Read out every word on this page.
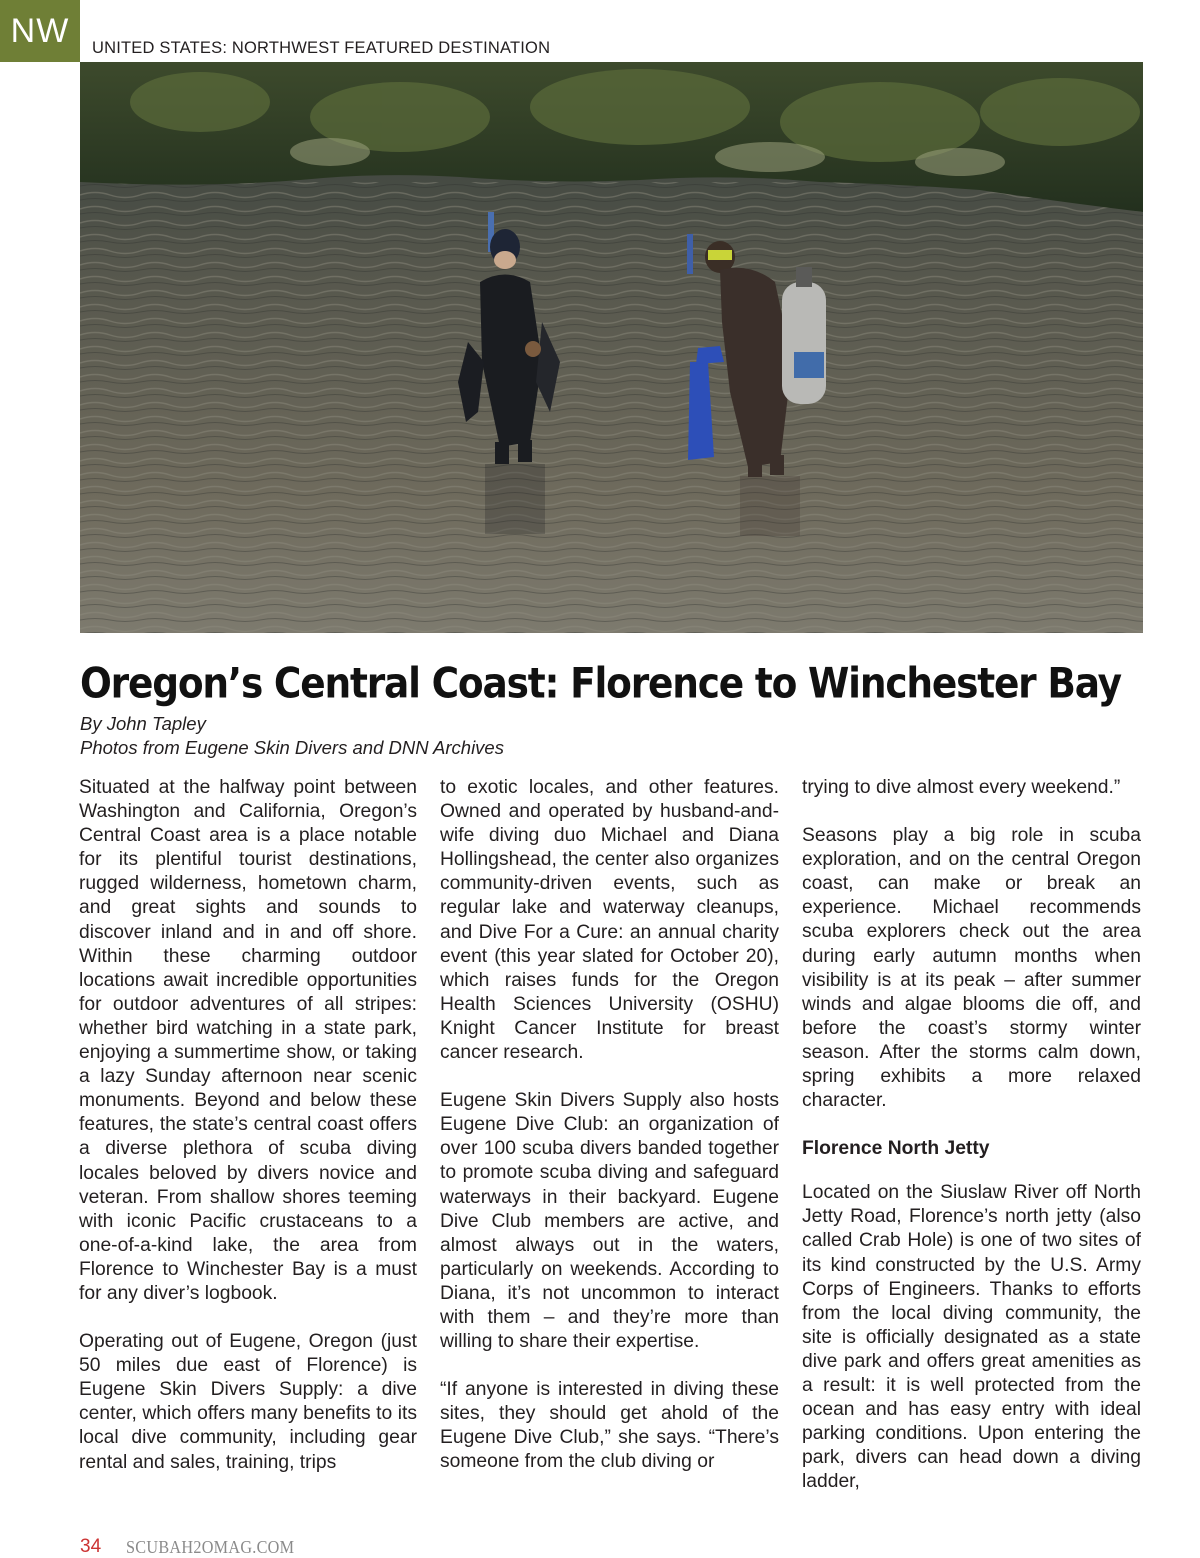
NW	UNITED STATES: NORTHWEST FEATURED DESTINATION
Oregon’s Central Coast: Florence to Winchester Bay
By John Tapley
Photos from Eugene Skin Divers and DNN Archives

Situated at the halfway point between Washington and California, Oregon’s Central Coast area is a place notable for its plentiful tourist destinations, rugged wilderness, hometown charm, and great sights and sounds to discover inland and in and off shore. Within these charming outdoor locations await incredible opportunities for outdoor adventures of all stripes: whether bird watching in a state park, enjoying a summertime show, or taking a lazy Sunday afternoon near scenic monuments. Beyond and below these features, the state’s central coast offers a diverse plethora of scuba diving locales beloved by divers novice and veteran. From shallow shores teeming with iconic Pacific crustaceans to a one-of-a-kind lake, the area from Florence to Winchester Bay is a must for any diver’s logbook.

Operating out of Eugene, Oregon (just 50 miles due east of Florence) is Eugene Skin Divers Supply: a dive center, which offers many benefits to its local dive community, including gear rental and sales, training, trips

to exotic locales, and other features. Owned and operated by husband-and-wife diving duo Michael and Diana Hollingshead, the center also organizes community-driven events, such as regular lake and waterway cleanups, and Dive For a Cure: an annual charity event (this year slated for October 20), which raises funds for the Oregon Health Sciences University (OSHU) Knight Cancer Institute for breast cancer research.

Eugene Skin Divers Supply also hosts Eugene Dive Club: an organization of over 100 scuba divers banded together to promote scuba diving and safeguard waterways in their backyard. Eugene Dive Club members are active, and almost always out in the waters, particularly on weekends. According to Diana, it’s not uncommon to interact with them – and they’re more than willing to share their expertise.

“If anyone is interested in diving these sites, they should get ahold of the Eugene Dive Club,” she says. “There’s someone from the club diving or

trying to dive almost every weekend.”

Seasons play a big role in scuba exploration, and on the central Oregon coast, can make or break an experience. Michael recommends scuba explorers check out the area during early autumn months when visibility is at its peak – after summer winds and algae blooms die off, and before the coast’s stormy winter season. After the storms calm down, spring exhibits a more relaxed character.

Florence North Jetty

Located on the Siuslaw River off North Jetty Road, Florence’s north jetty (also called Crab Hole) is one of two sites of its kind constructed by the U.S. Army Corps of Engineers. Thanks to efforts from the local diving community, the site is officially designated as a state dive park and offers great amenities as a result: it is well protected from the ocean and has easy entry with ideal parking conditions. Upon entering the park, divers can head down a diving ladder,

34 SCUBAH2OMAG.COM
